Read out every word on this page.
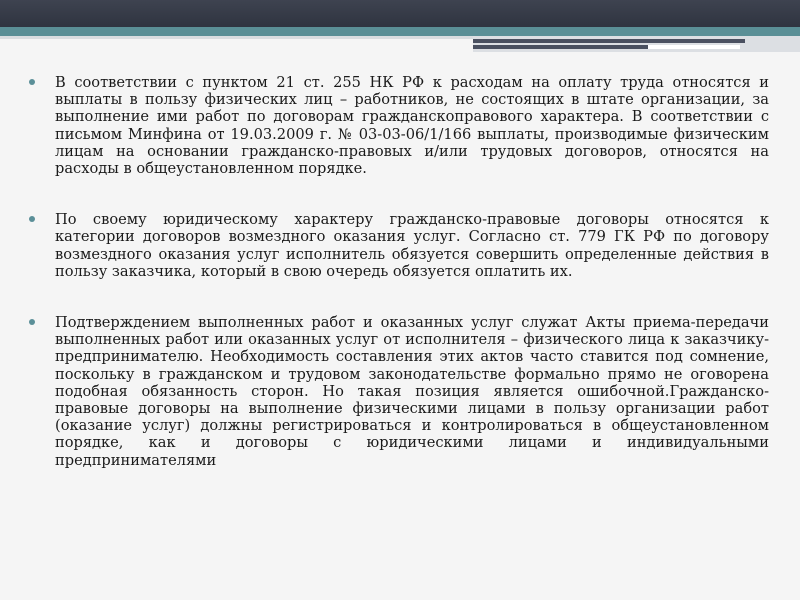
В соответствии с пунктом 21 ст. 255 НК РФ к расходам на оплату труда относятся и выплаты в пользу физических лиц – работников, не состоящих в штате организации, за выполнение ими работ по договорам гражданскоправового характера. В соответствии с письмом Минфина от 19.03.2009 г. № 03-03-06/1/166 выплаты, производимые физическим лицам на основании гражданско-правовых и/или трудовых договоров, относятся на расходы в общеустановленном порядке.
По своему юридическому характеру гражданско-правовые договоры относятся к категории договоров возмездного оказания услуг. Согласно ст. 779 ГК РФ по договору возмездного оказания услуг исполнитель обязуется совершить определенные действия в пользу заказчика, который в свою очередь обязуется оплатить их.
Подтверждением выполненных работ и оказанных услуг служат Акты приема-передачи выполненных работ или оказанных услуг от исполнителя – физического лица к заказчику-предпринимателю. Необходимость составления этих актов часто ставится под сомнение, поскольку в гражданском и трудовом законодательстве формально прямо не оговорена подобная обязанность сторон. Но такая позиция является ошибочной.Гражданско-правовые договоры на выполнение физическими лицами в пользу организации работ (оказание услуг) должны регистрироваться и контролироваться в общеустановленном порядке, как и договоры с юридическими лицами и индивидуальными предпринимателями
